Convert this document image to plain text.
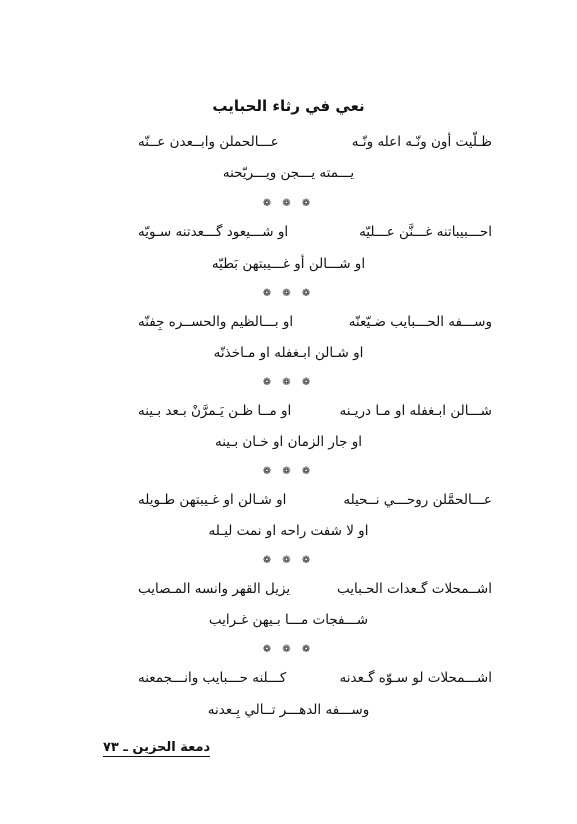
نعي في رثاء الحبايب
ظـلّيت أون ونّـه اعله ونّـه
عـــالحملن وابــعدن عــنّه
يـــمته يـــجن ويـــريّحنه
❁ ❁ ❁
احـــبيباتنه غـــنَّن عـــليّه
او شـــيعود گـــعدتنه سـويّه
او شـــالن أو غـــيبتهن بَطيّه
❁ ❁ ❁
وســـفه الحـــبايب ضـيّعنّه
او بـــالظيم والحســره جِفنّه
او شـالن ابـغفله او مـاخذنّه
❁ ❁ ❁
شـــالن ابـغفله او مـا دريـنه
او مــا ظـن يَـمرَّنْ بـعد بـينه
او جار الزمان او خـان بـينه
❁ ❁ ❁
عـــالحمَّلن روحـــي نــحيله
او شـالن او غـيبتهن طـويله
او لا شفت راحه او نمت ليـله
❁ ❁ ❁
اشــمحلات گـعدات الحـبايب
يزيل القهر وانسه المـصايب
شـــفجات مـــا بـيهن غـرايب
❁ ❁ ❁
اشـــمحلات لو سـوّه گـعدنه
كـــلنه حـــبايب وانـــجمعنه
وســـفه الدهـــر تــالي بِـعدنه
دمعة الحزين ـ ٧٣
